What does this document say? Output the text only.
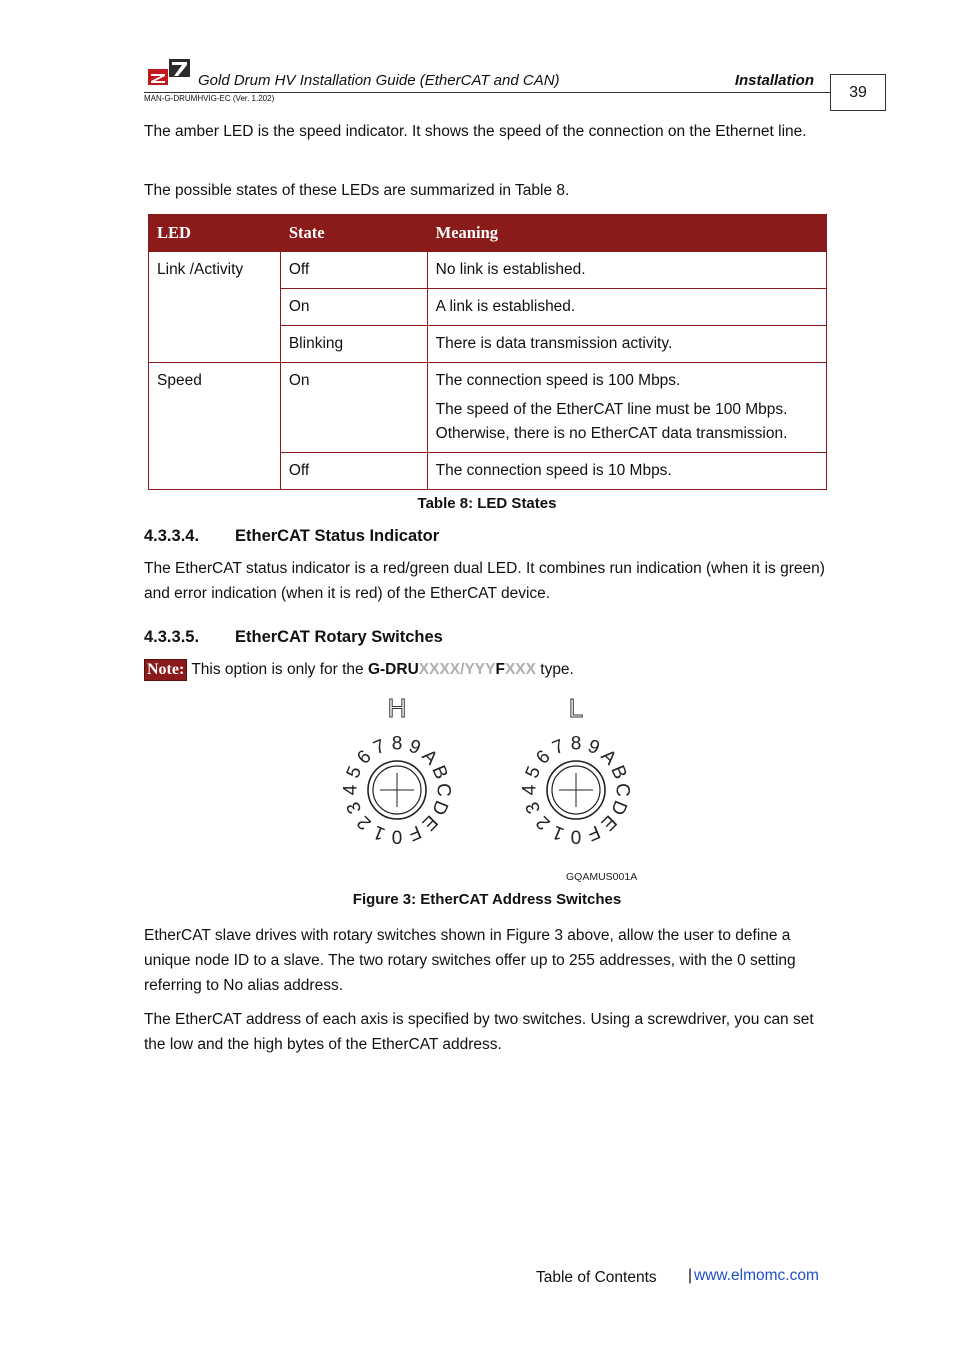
Gold Drum HV Installation Guide (EtherCAT and CAN)	Installation
MAN-G-DRUMHVIG-EC (Ver. 1.202)	39
The amber LED is the speed indicator. It shows the speed of the connection on the Ethernet line.
The possible states of these LEDs are summarized in Table 8.
LED	State	Meaning
Link /Activity	Off	No link is established.
	On	A link is established.
	Blinking	There is data transmission activity.
Speed	On	The connection speed is 100 Mbps.

The speed of the EtherCAT line must be 100 Mbps. Otherwise, there is no EtherCAT data transmission.

	Off	The connection speed is 10 Mbps.
Table 8: LED States
4.3.3.4. EtherCAT Status Indicator
The EtherCAT status indicator is a red/green dual LED. It combines run indication (when it is green) and error indication (when it is red) of the EtherCAT device.
4.3.3.5. EtherCAT Rotary Switches
Note: This option is only for the G-DRUXXXX/YYYFXXX type.
0
1
2
3
4
5
6
7 8 9
A
B
C
D
E
F	0
1
2
3
4
5
6
7 8 9
A
B
C
D
E
F
H	L
GQAMUS001A
Figure 3: EtherCAT Address Switches
EtherCAT slave drives with rotary switches shown in Figure 3 above, allow the user to define a unique node ID to a slave. The two rotary switches offer up to 255 addresses, with the 0 setting referring to No alias address.
The EtherCAT address of each axis is specified by two switches. Using a screwdriver, you can set the low and the high bytes of the EtherCAT address.
Table of Contents | www.elmomc.com
